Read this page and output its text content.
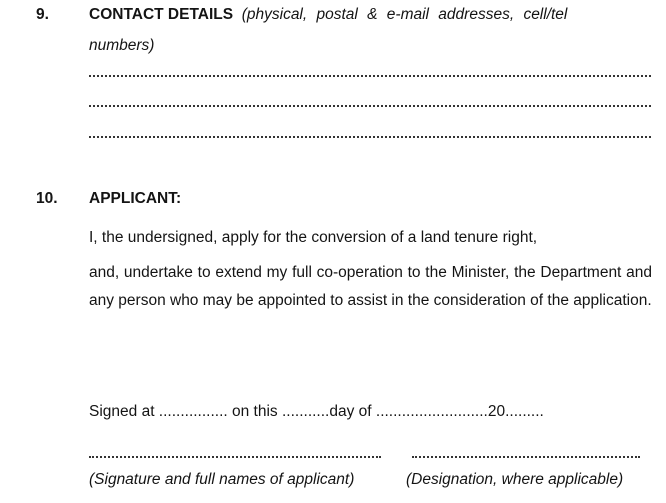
9.	CONTACT DETAILS (physical, postal & e-mail addresses, cell/tel
numbers)
10. APPLICANT:
I, the undersigned, apply for the conversion of a land tenure right,
and, undertake to extend my full co-operation to the Minister, the Department and any person who may be appointed to assist in the consideration of the application.
Signed at ................ on this ...........day of ..........................20.........
(Signature and full names of applicant)	(Designation, where applicable)
